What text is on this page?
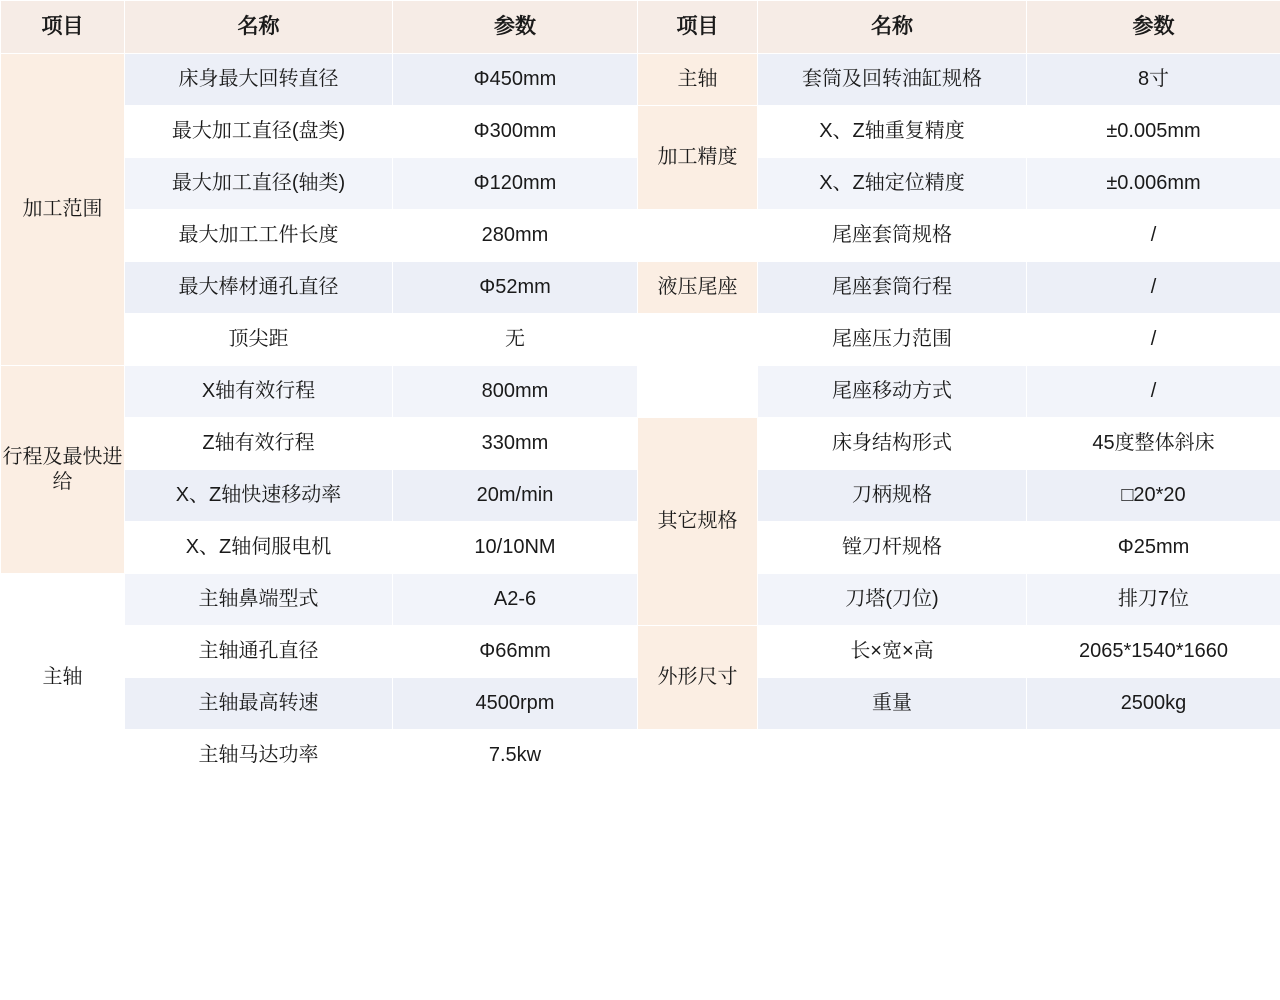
项目	名称	参数	项目	名称	参数
加工范围	床身最大回转直径	Φ450mm	主轴	套筒及回转油缸规格	8寸
	最大加工直径(盘类)	Φ300mm	加工精度	X、Z轴重复精度	±0.005mm
	最大加工直径(轴类)	Φ120mm		X、Z轴定位精度	±0.006mm
	最大加工工件长度	280mm		尾座套筒规格	/
	最大棒材通孔直径	Φ52mm	液压尾座	尾座套筒行程	/
	顶尖距	无		尾座压力范围	/
行程及最快进给	X轴有效行程	800mm		尾座移动方式	/
	Z轴有效行程	330mm	其它规格	床身结构形式	45度整体斜床
	X、Z轴快速移动率	20m/min		刀柄规格	□20*20
	X、Z轴伺服电机	10/10NM		镗刀杆规格	Φ25mm
主轴	主轴鼻端型式	A2-6		刀塔(刀位)	排刀7位
	主轴通孔直径	Φ66mm	外形尺寸	长×宽×高	2065*1540*1660
	主轴最高转速	4500rpm		重量	2500kg
	主轴马达功率	7.5kw			
